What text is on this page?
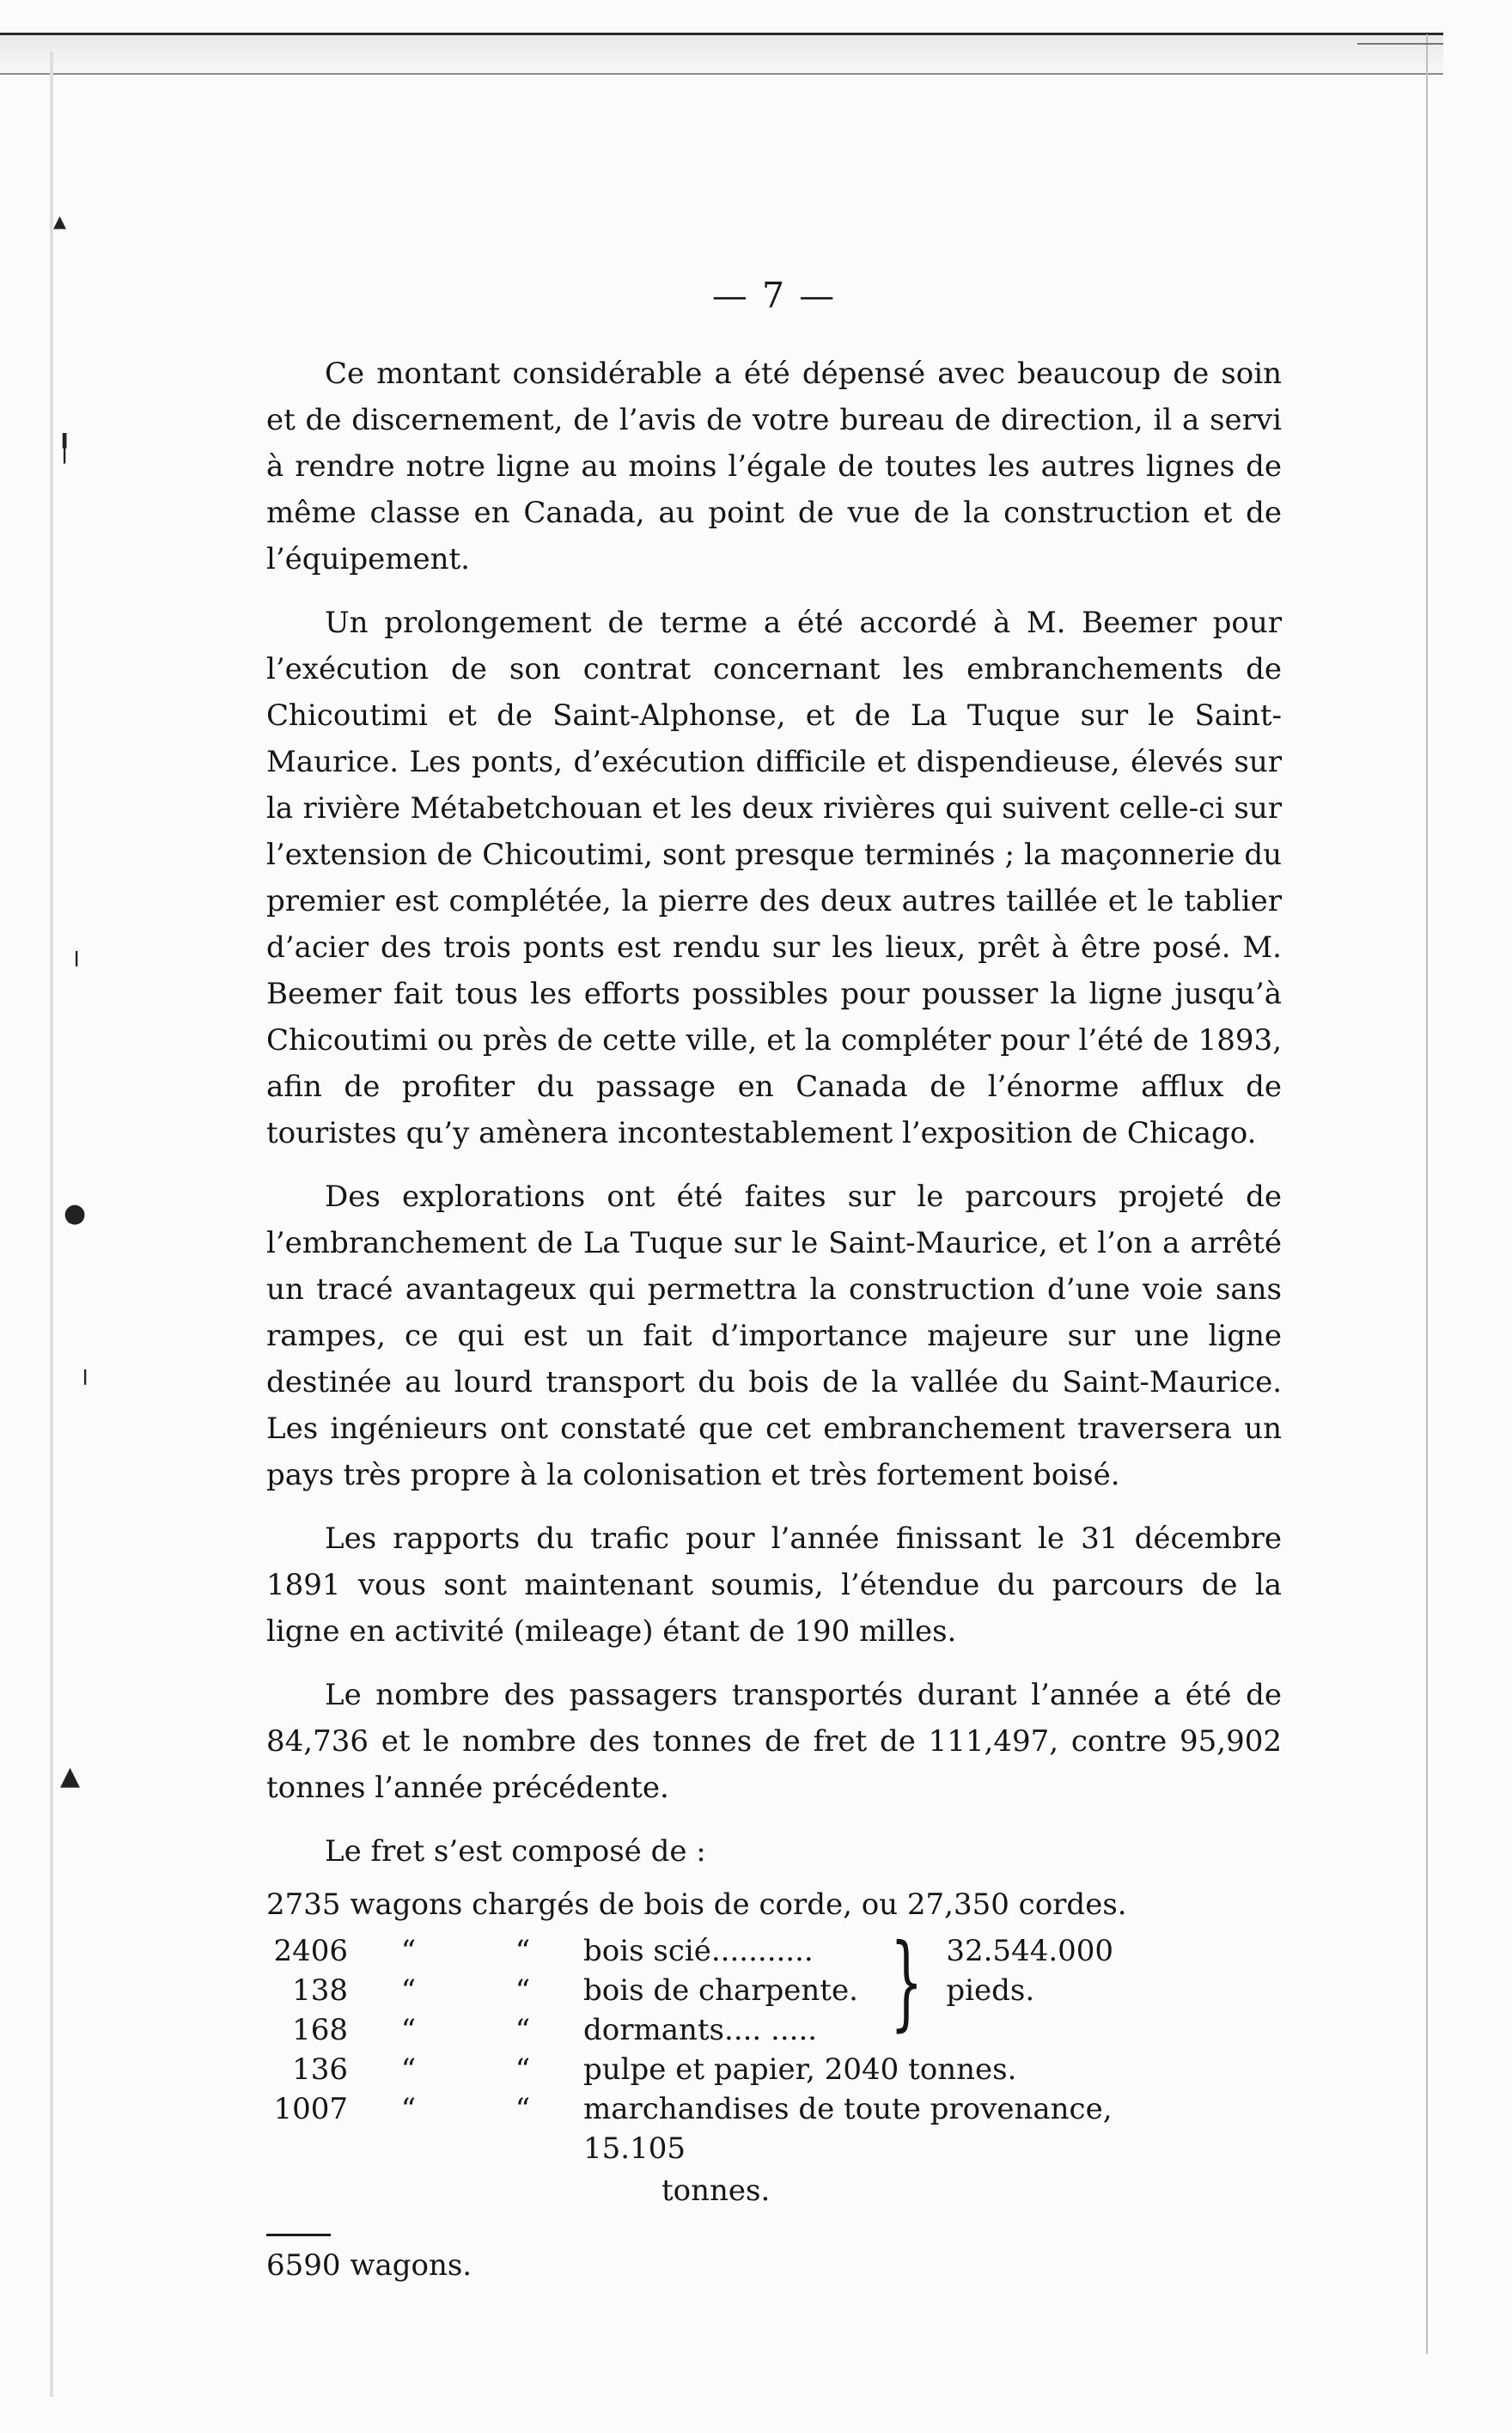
▴
╿
╵
●
╵
▲
— 7 —

Ce montant considérable a été dépensé avec beaucoup de soin et de discernement, de l’avis de votre bureau de direction, il a servi à rendre notre ligne au moins l’égale de toutes les autres lignes de même classe en Canada, au point de vue de la construction et de l’équipement.

Un prolongement de terme a été accordé à M. Beemer pour l’exécution de son contrat concernant les embranchements de Chicoutimi et de Saint-Alphonse, et de La Tuque sur le Saint-Maurice. Les ponts, d’exécution difficile et dispendieuse, élevés sur la rivière Métabetchouan et les deux rivières qui suivent celle-ci sur l’extension de Chicoutimi, sont presque terminés ; la maçonnerie du premier est complétée, la pierre des deux autres taillée et le tablier d’acier des trois ponts est rendu sur les lieux, prêt à être posé. M. Beemer fait tous les efforts possibles pour pousser la ligne jusqu’à Chicoutimi ou près de cette ville, et la compléter pour l’été de 1893, afin de profiter du passage en Canada de l’énorme afflux de touristes qu’y amènera incontestablement l’exposition de Chicago.

Des explorations ont été faites sur le parcours projeté de l’embranchement de La Tuque sur le Saint-Maurice, et l’on a arrêté un tracé avantageux qui permettra la construction d’une voie sans rampes, ce qui est un fait d’importance majeure sur une ligne destinée au lourd transport du bois de la vallée du Saint-Maurice. Les ingénieurs ont constaté que cet embranchement traversera un pays très propre à la colonisation et très fortement boisé.

Les rapports du trafic pour l’année finissant le 31 décembre 1891 vous sont maintenant soumis, l’étendue du parcours de la ligne en activité (mileage) étant de 190 milles.

Le nombre des passagers transportés durant l’année a été de 84,736 et le nombre des tonnes de fret de 111,497, contre 95,902 tonnes l’année précédente.

Le fret s’est composé de :
2735 wagons chargés de bois de corde, ou 27,350 cordes.
2406	“	“	bois scié...........	}	32.544.000 pieds.
138	“	“	bois de charpente.		
168	“	“	dormants.... .....		
136	“	“	pulpe et papier, 2040 tonnes.		
1007	“	“	marchandises de toute provenance, 15.105		
tonnes.
6590 wagons.
